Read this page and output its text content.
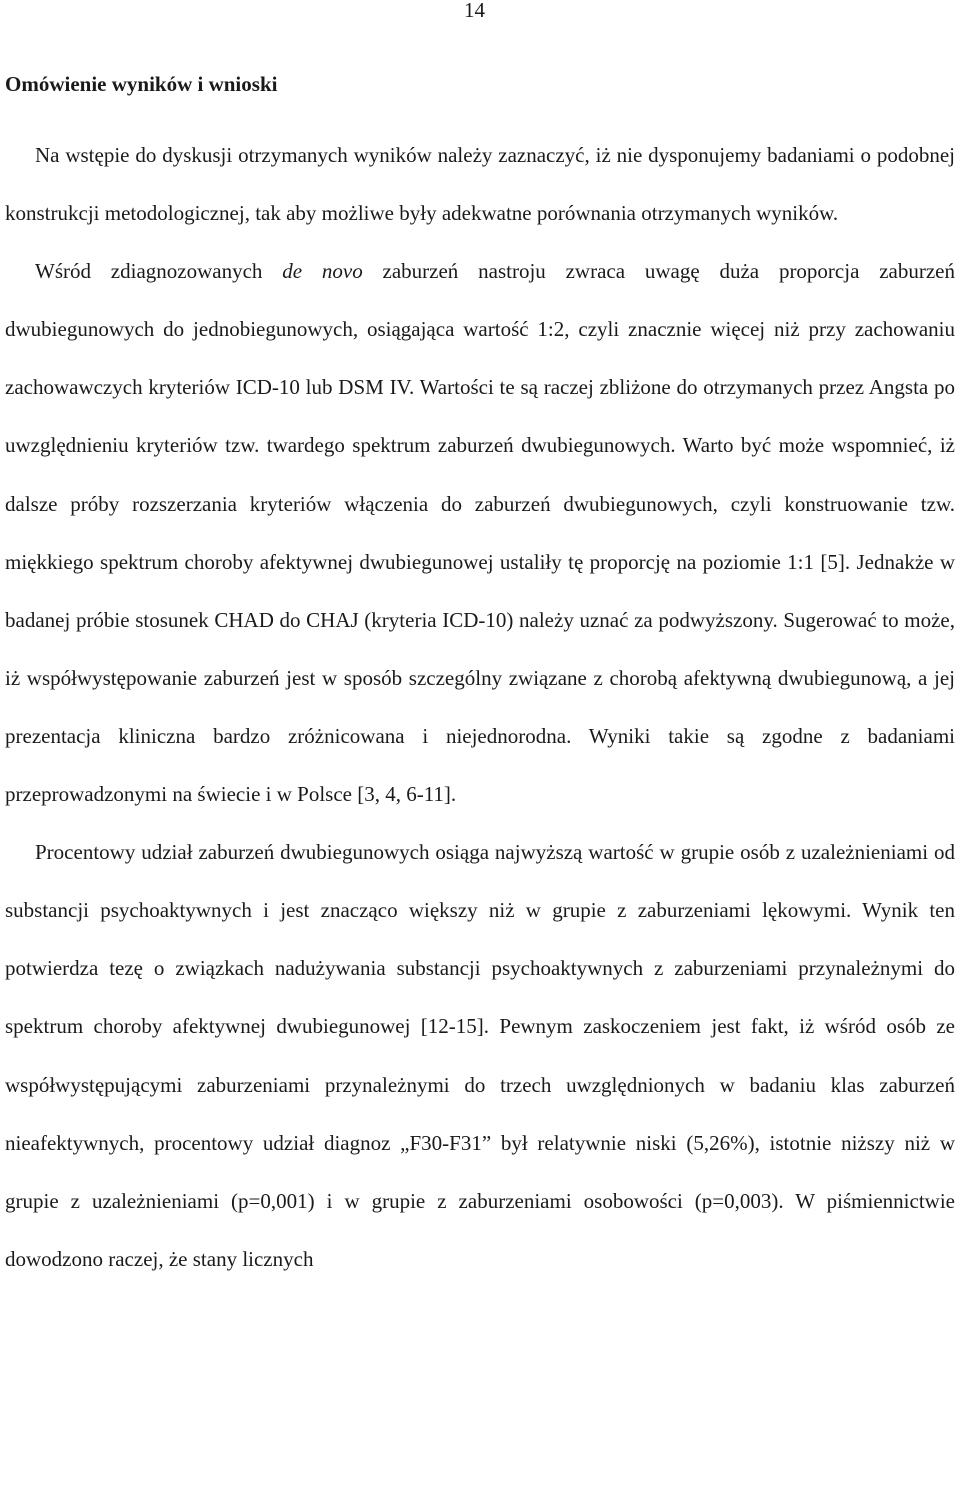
14
Omówienie wyników i wnioski

Na wstępie do dyskusji otrzymanych wyników należy zaznaczyć, iż nie dysponujemy badaniami o podobnej konstrukcji metodologicznej, tak aby możliwe były adekwatne porównania otrzymanych wyników.

Wśród zdiagnozowanych de novo zaburzeń nastroju zwraca uwagę duża proporcja zaburzeń dwubiegunowych do jednobiegunowych, osiągająca wartość 1:2, czyli znacznie więcej niż przy zachowaniu zachowawczych kryteriów ICD-10 lub DSM IV. Wartości te są raczej zbliżone do otrzymanych przez Angsta po uwzględnieniu kryteriów tzw. twardego spektrum zaburzeń dwubiegunowych. Warto być może wspomnieć, iż dalsze próby rozszerzania kryteriów włączenia do zaburzeń dwubiegunowych, czyli konstruowanie tzw. miękkiego spektrum choroby afektywnej dwubiegunowej ustaliły tę proporcję na poziomie 1:1 [5]. Jednakże w badanej próbie stosunek CHAD do CHAJ (kryteria ICD-10) należy uznać za podwyższony. Sugerować to może, iż współwystępowanie zaburzeń jest w sposób szczególny związane z chorobą afektywną dwubiegunową, a jej prezentacja kliniczna bardzo zróżnicowana i niejednorodna. Wyniki takie są zgodne z badaniami przeprowadzonymi na świecie i w Polsce [3, 4, 6-11].

Procentowy udział zaburzeń dwubiegunowych osiąga najwyższą wartość w grupie osób z uzależnieniami od substancji psychoaktywnych i jest znacząco większy niż w grupie z zaburzeniami lękowymi. Wynik ten potwierdza tezę o związkach nadużywania substancji psychoaktywnych z zaburzeniami przynależnymi do spektrum choroby afektywnej dwubiegunowej [12-15]. Pewnym zaskoczeniem jest fakt, iż wśród osób ze współwystępującymi zaburzeniami przynależnymi do trzech uwzględnionych w badaniu klas zaburzeń nieafektywnych, procentowy udział diagnoz „F30-F31” był relatywnie niski (5,26%), istotnie niższy niż w grupie z uzależnieniami (p=0,001) i w grupie z zaburzeniami osobowości (p=0,003). W piśmiennictwie dowodzono raczej, że stany licznych
